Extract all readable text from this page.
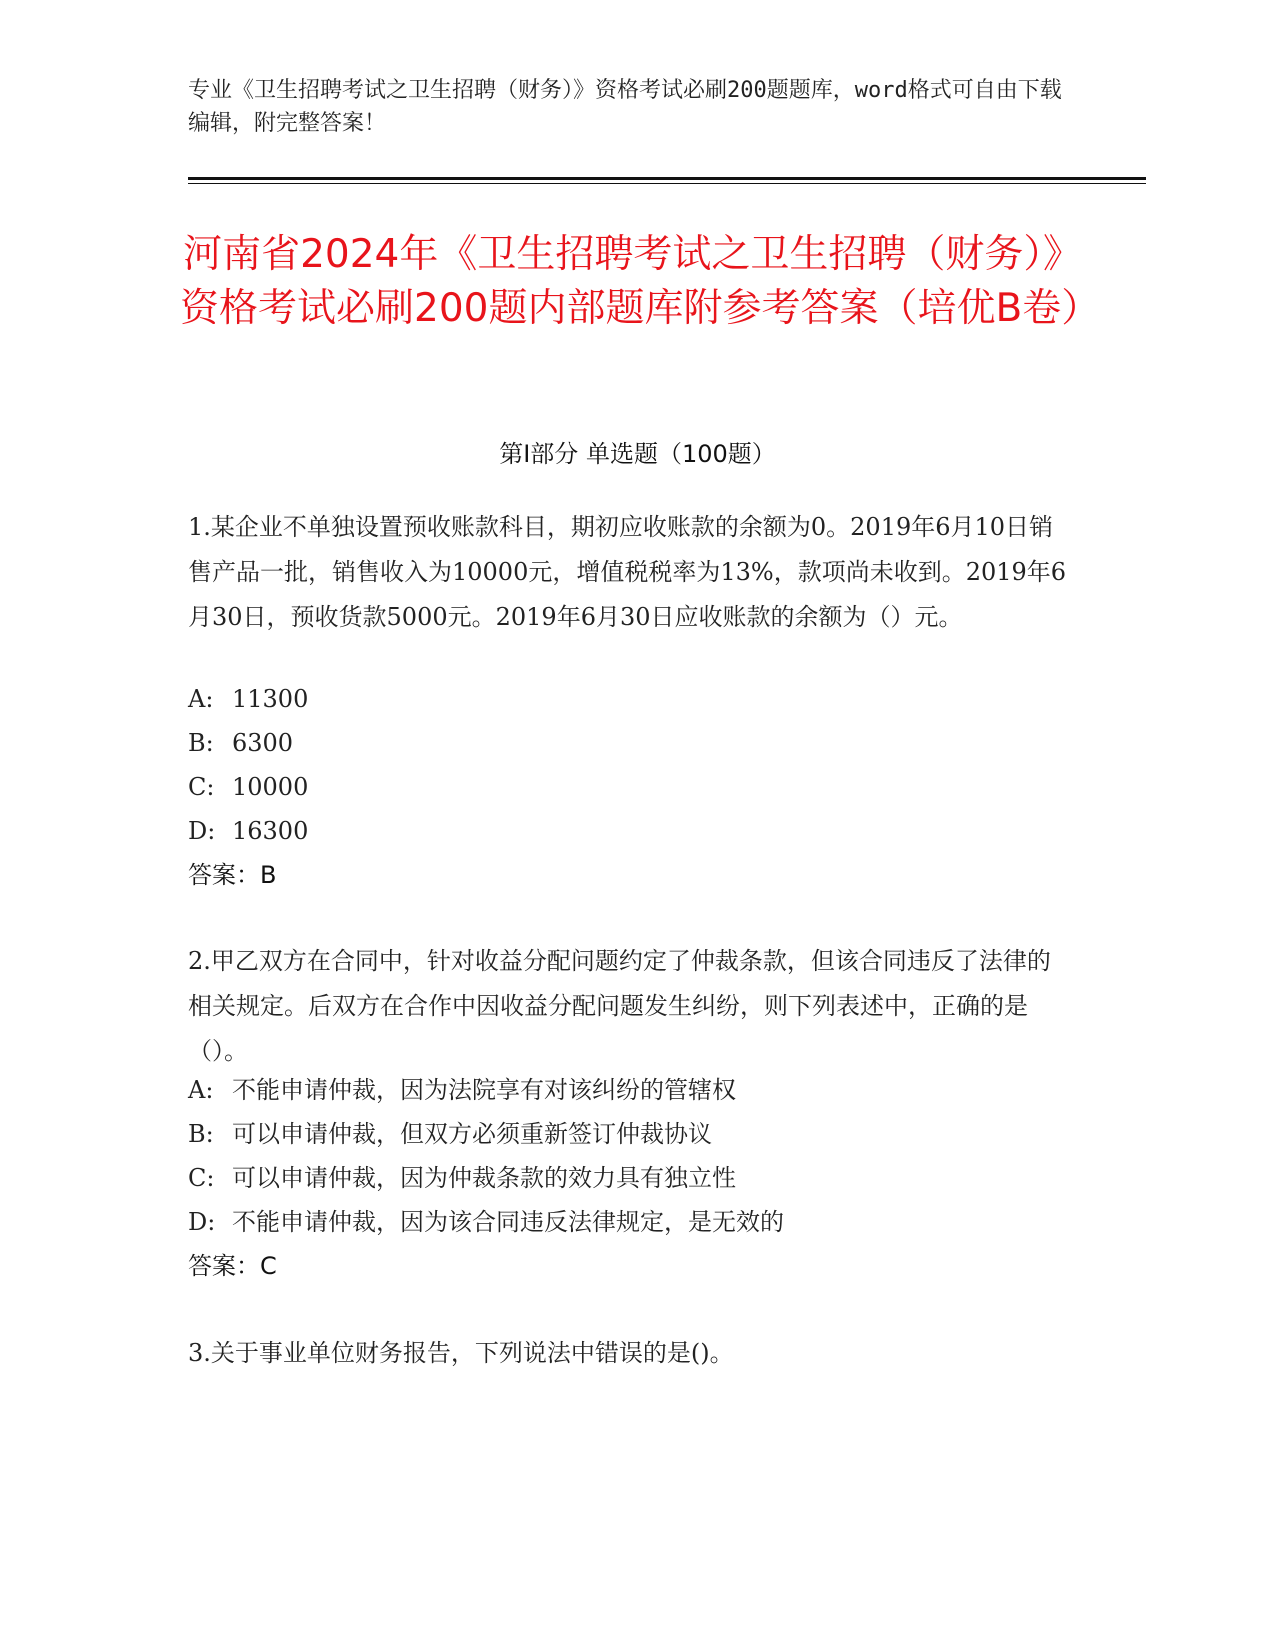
专业《卫生招聘考试之卫生招聘（财务）》资格考试必刷200题题库，word格式可自由下载编辑，附完整答案！
河南省2024年《卫生招聘考试之卫生招聘（财务）》资格考试必刷200题内部题库附参考答案（培优B卷）
第Ⅰ部分 单选题（100题）
1.某企业不单独设置预收账款科目，期初应收账款的余额为0。2019年6月10日销售产品一批，销售收入为10000元，增值税税率为13%，款项尚未收到。2019年6月30日，预收货款5000元。2019年6月30日应收账款的余额为（）元。
A: 11300
B: 6300
C: 10000
D: 16300
答案：B
2.甲乙双方在合同中，针对收益分配问题约定了仲裁条款，但该合同违反了法律的相关规定。后双方在合作中因收益分配问题发生纠纷，则下列表述中，正确的是（）。
A: 不能申请仲裁，因为法院享有对该纠纷的管辖权
B: 可以申请仲裁，但双方必须重新签订仲裁协议
C: 可以申请仲裁，因为仲裁条款的效力具有独立性
D: 不能申请仲裁，因为该合同违反法律规定，是无效的
答案：C
3.关于事业单位财务报告，下列说法中错误的是()。
